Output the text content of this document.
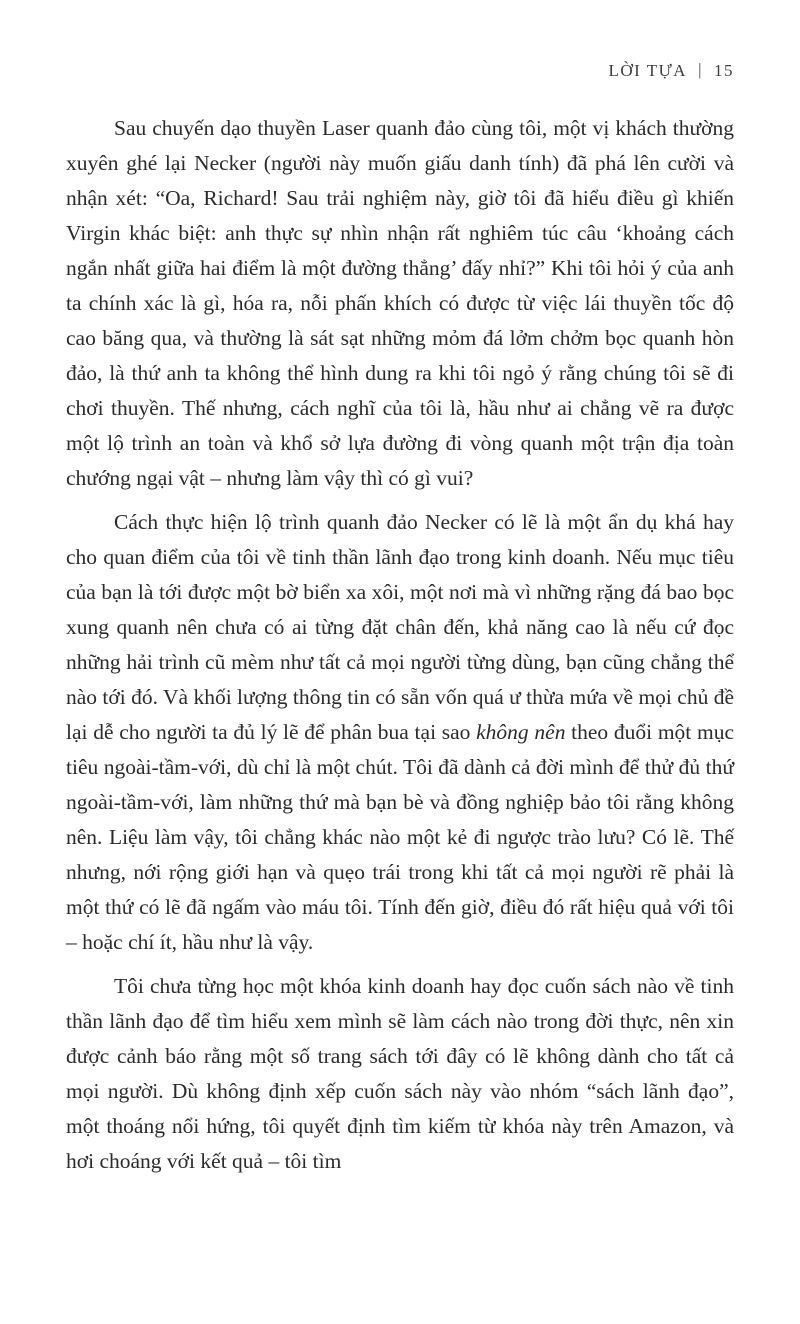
LỜI TỰA | 15

Sau chuyến dạo thuyền Laser quanh đảo cùng tôi, một vị khách thường xuyên ghé lại Necker (người này muốn giấu danh tính) đã phá lên cười và nhận xét: “Oa, Richard! Sau trải nghiệm này, giờ tôi đã hiểu điều gì khiến Virgin khác biệt: anh thực sự nhìn nhận rất nghiêm túc câu ‘khoảng cách ngắn nhất giữa hai điểm là một đường thẳng’ đấy nhỉ?” Khi tôi hỏi ý của anh ta chính xác là gì, hóa ra, nỗi phấn khích có được từ việc lái thuyền tốc độ cao băng qua, và thường là sát sạt những mỏm đá lởm chởm bọc quanh hòn đảo, là thứ anh ta không thể hình dung ra khi tôi ngỏ ý rằng chúng tôi sẽ đi chơi thuyền. Thế nhưng, cách nghĩ của tôi là, hầu như ai chẳng vẽ ra được một lộ trình an toàn và khổ sở lựa đường đi vòng quanh một trận địa toàn chướng ngại vật – nhưng làm vậy thì có gì vui?

Cách thực hiện lộ trình quanh đảo Necker có lẽ là một ẩn dụ khá hay cho quan điểm của tôi về tinh thần lãnh đạo trong kinh doanh. Nếu mục tiêu của bạn là tới được một bờ biển xa xôi, một nơi mà vì những rặng đá bao bọc xung quanh nên chưa có ai từng đặt chân đến, khả năng cao là nếu cứ đọc những hải trình cũ mèm như tất cả mọi người từng dùng, bạn cũng chẳng thể nào tới đó. Và khối lượng thông tin có sẵn vốn quá ư thừa mứa về mọi chủ đề lại dễ cho người ta đủ lý lẽ để phân bua tại sao không nên theo đuổi một mục tiêu ngoài-tầm-với, dù chỉ là một chút. Tôi đã dành cả đời mình để thử đủ thứ ngoài-tầm-với, làm những thứ mà bạn bè và đồng nghiệp bảo tôi rằng không nên. Liệu làm vậy, tôi chẳng khác nào một kẻ đi ngược trào lưu? Có lẽ. Thế nhưng, nới rộng giới hạn và quẹo trái trong khi tất cả mọi người rẽ phải là một thứ có lẽ đã ngấm vào máu tôi. Tính đến giờ, điều đó rất hiệu quả với tôi – hoặc chí ít, hầu như là vậy.

Tôi chưa từng học một khóa kinh doanh hay đọc cuốn sách nào về tinh thần lãnh đạo để tìm hiểu xem mình sẽ làm cách nào trong đời thực, nên xin được cảnh báo rằng một số trang sách tới đây có lẽ không dành cho tất cả mọi người. Dù không định xếp cuốn sách này vào nhóm “sách lãnh đạo”, một thoáng nổi hứng, tôi quyết định tìm kiếm từ khóa này trên Amazon, và hơi choáng với kết quả – tôi tìm
